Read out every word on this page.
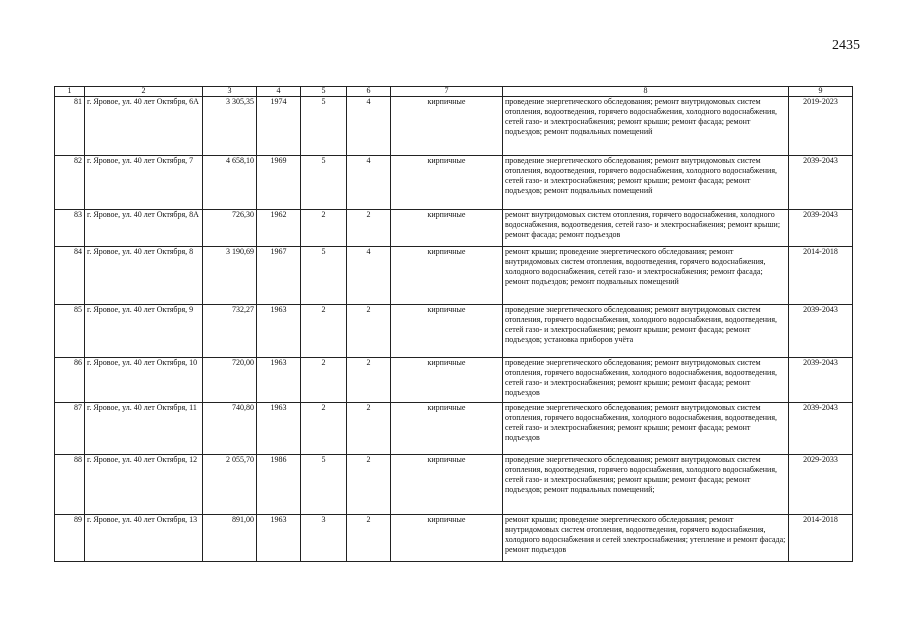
2435
1	2	3	4	5	6	7	8	9
81	г. Яровое, ул. 40 лет Октября, 6А	3 305,35	1974	5	4	кирпичные	проведение энергетического обследования; ремонт внутридомовых систем отопления, водоотведения, горячего водоснабжения, холодного водоснабжения, сетей газо- и электроснабжения; ремонт крыши; ремонт фасада; ремонт подъездов; ремонт подвальных помещений	2019-2023
82	г. Яровое, ул. 40 лет Октября, 7	4 658,10	1969	5	4	кирпичные	проведение энергетического обследования; ремонт внутридомовых систем отопления, водоотведения, горячего водоснабжения, холодного водоснабжения, сетей газо- и электроснабжения; ремонт крыши; ремонт фасада; ремонт подъездов; ремонт подвальных помещений	2039-2043
83	г. Яровое, ул. 40 лет Октября, 8А	726,30	1962	2	2	кирпичные	ремонт внутридомовых систем отопления, горячего водоснабжения, холодного водоснабжения, водоотведения, сетей газо- и электроснабжения; ремонт крыши; ремонт фасада; ремонт подъездов	2039-2043
84	г. Яровое, ул. 40 лет Октября, 8	3 190,69	1967	5	4	кирпичные	ремонт крыши; проведение энергетического обследования; ремонт внутридомовых систем отопления, водоотведения, горячего водоснабжения, холодного водоснабжения, сетей газо- и электроснабжения; ремонт фасада; ремонт подъездов; ремонт подвальных помещений	2014-2018
85	г. Яровое, ул. 40 лет Октября, 9	732,27	1963	2	2	кирпичные	проведение энергетического обследования; ремонт внутридомовых систем отопления, горячего водоснабжения, холодного водоснабжения, водоотведения, сетей газо- и электроснабжения; ремонт крыши; ремонт фасада; ремонт подъездов; установка приборов учёта	2039-2043
86	г. Яровое, ул. 40 лет Октября, 10	720,00	1963	2	2	кирпичные	проведение энергетического обследования; ремонт внутридомовых систем отопления, горячего водоснабжения, холодного водоснабжения, водоотведения, сетей газо- и электроснабжения; ремонт крыши; ремонт фасада; ремонт подъездов	2039-2043
87	г. Яровое, ул. 40 лет Октября, 11	740,80	1963	2	2	кирпичные	проведение энергетического обследования; ремонт внутридомовых систем отопления, горячего водоснабжения, холодного водоснабжения, водоотведения, сетей газо- и электроснабжения; ремонт крыши; ремонт фасада; ремонт подъездов	2039-2043
88	г. Яровое, ул. 40 лет Октября, 12	2 055,70	1986	5	2	кирпичные	проведение энергетического обследования; ремонт внутридомовых систем отопления, водоотведения, горячего водоснабжения, холодного водоснабжения, сетей газо- и электроснабжения; ремонт крыши; ремонт фасада; ремонт подъездов; ремонт подвальных помещений;	2029-2033
89	г. Яровое, ул. 40 лет Октября, 13	891,00	1963	3	2	кирпичные	ремонт крыши; проведение энергетического обследования; ремонт внутридомовых систем отопления, водоотведения, горячего водоснабжения, холодного водоснабжения и сетей электроснабжения; утепление и ремонт фасада; ремонт подъездов	2014-2018
